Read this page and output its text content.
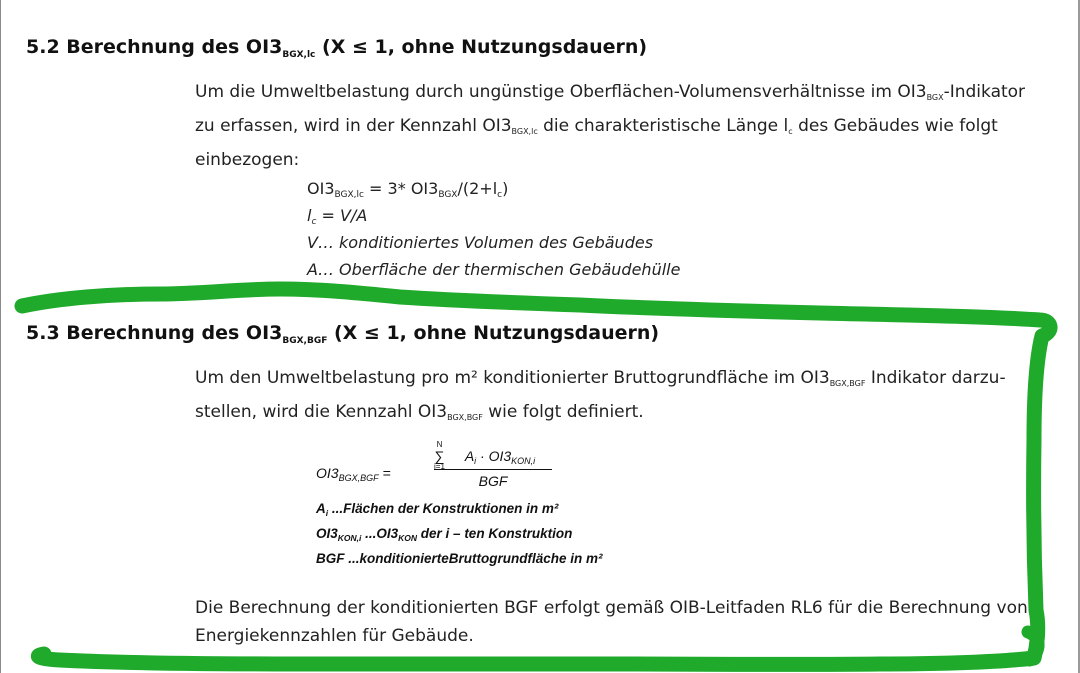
5.2 Berechnung des $OI3_{BGX,lc}$ (X ≤ 1, ohne Nutzungsdauern)
Um die Umweltbelastung durch ungünstige Oberflächen-Volumensverhältnisse im $OI3_{BGX}$-Indikator
zu erfassen, wird in der Kennzahl $OI3_{BGX,lc}$ die charakteristische Länge $l_c$ des Gebäudes wie folgt
einbezogen:
$OI3_{BGX,lc} = 3*$ $OI3_{BGX}/(2+l_c)$
$l_c = V/A$
V… konditioniertes Volumen des Gebäudes
A… Oberfläche der thermischen Gebäudehülle
5.3 Berechnung des $OI3_{BGX,BGF}$ (X ≤ 1, ohne Nutzungsdauern)
Um den Umweltbelastung pro m² konditionierter Bruttogrundfläche im $OI3_{BGX,BGF}$ Indikator darzu-
stellen, wird die Kennzahl $OI3_{BGX,BGF}$ wie folgt definiert.
$OI3_{BGX,BGF}$ =
N
∑
i=1
$A_i \cdot OI3_{KON,i}$
BGF
$A_i$ ...Flächen der Konstruktionen in m²
$OI3_{KON,i}$ $...OI3_{KON}$ der i – ten Konstruktion
BGF ...konditionierteBruttogrundfläche in m²
Die Berechnung der konditionierten BGF erfolgt gemäß OIB-Leitfaden RL6 für die Berechnung von
Energiekennzahlen für Gebäude.
